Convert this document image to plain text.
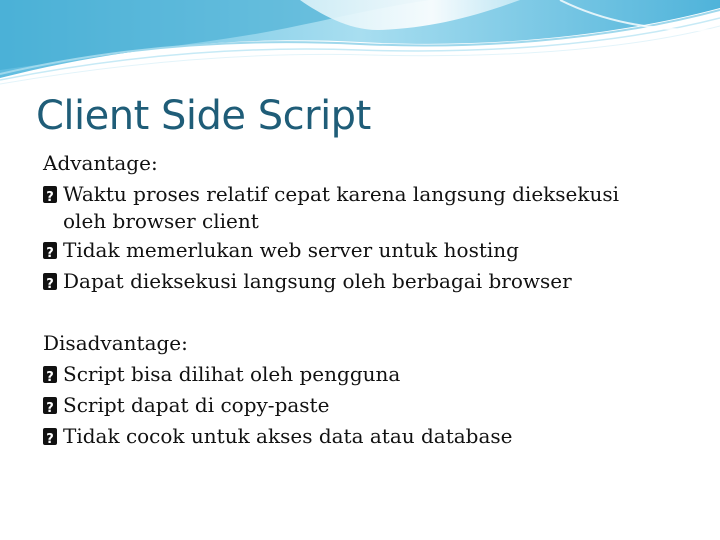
Client Side Script
Advantage:
?
Waktu proses relatif cepat karena langsung dieksekusi
oleh browser client
?
Tidak memerlukan web server untuk hosting
?
Dapat dieksekusi langsung oleh berbagai browser
Disadvantage:
?
Script bisa dilihat oleh pengguna
?
Script dapat di copy-paste
?
Tidak cocok untuk akses data atau database
